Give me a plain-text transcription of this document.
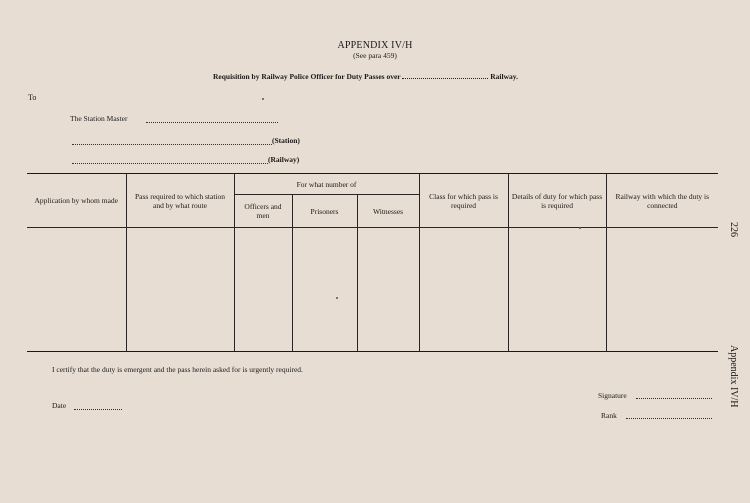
APPENDIX IV/H
(See para 459)
Requisition by Railway Police Officer for Duty Passes over	Railway.
To
The Station Master
(Station)
(Railway)
Application by whom made	Pass required to which station and by what route	For what number of			Class for which pass is required	Details of duty for which pass is required	Railway with which the duty is connected
		Officers and men	Prisoners	Witnesses			

I certify that the duty is emergent and the pass herein asked for is urgently required.
Date
Signature
Rank
226
Appendix IV/H
